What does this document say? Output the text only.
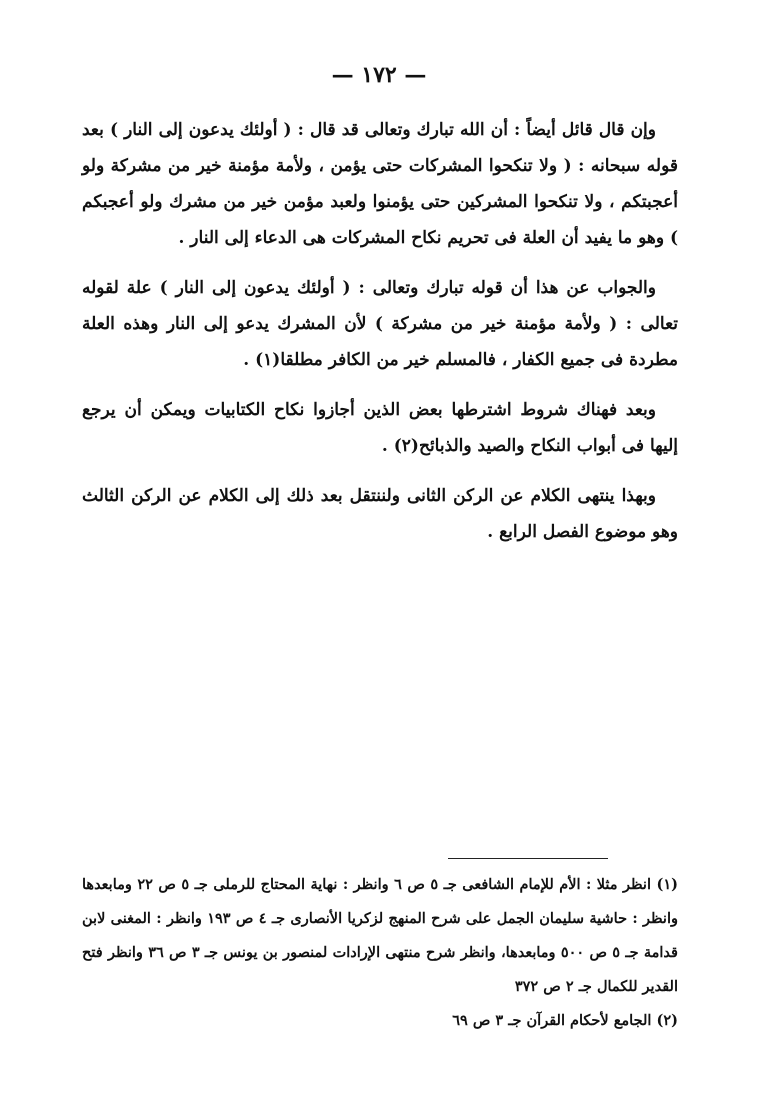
— ١٧٢ —

وإن قال قائل أيضاً : أن الله تبارك وتعالى قد قال : ( أولئك يدعون إلى النار ) بعد قوله سبحانه : ( ولا تنكحوا المشركات حتى يؤمن ، ولأمة مؤمنة خير من مشركة ولو أعجبتكم ، ولا تنكحوا المشركين حتى يؤمنوا ولعبد مؤمن خير من مشرك ولو أعجبكم ) وهو ما يفيد أن العلة فى تحريم نكاح المشركات هى الدعاء إلى النار .

والجواب عن هذا أن قوله تبارك وتعالى : ( أولئك يدعون إلى النار ) علة لقوله تعالى : ( ولأمة مؤمنة خير من مشركة ) لأن المشرك يدعو إلى النار وهذه العلة مطردة فى جميع الكفار ، فالمسلم خير من الكافر مطلقا(١) .

وبعد فهناك شروط اشترطها بعض الذين أجازوا نكاح الكتابيات ويمكن أن يرجع إليها فى أبواب النكاح والصيد والذبائح(٢) .

وبهذا ينتهى الكلام عن الركن الثانى ولننتقل بعد ذلك إلى الكلام عن الركن الثالث وهو موضوع الفصل الرابع .

(١) انظر مثلا : الأم للإمام الشافعى جـ ٥ ص ٦ وانظر : نهاية المحتاج للرملى جـ ٥ ص ٢٢ ومابعدها وانظر : حاشية سليمان الجمل على شرح المنهج لزكريا الأنصارى جـ ٤ ص ١٩٣ وانظر : المغنى لابن قدامة جـ ٥ ص ٥٠٠ ومابعدها، وانظر شرح منتهى الإرادات لمنصور بن يونس جـ ٣ ص ٣٦ وانظر فتح القدير للكمال جـ ٢ ص ٣٧٢

(٢) الجامع لأحكام القرآن جـ ٣ ص ٦٩
